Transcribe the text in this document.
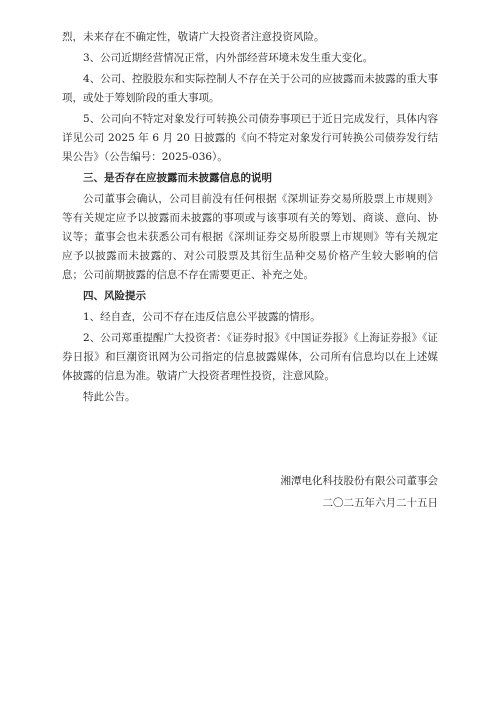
烈，未来存在不确定性，敬请广大投资者注意投资风险。

3、公司近期经营情况正常，内外部经营环境未发生重大变化。

4、公司、控股股东和实际控制人不存在关于公司的应披露而未披露的重大事项，或处于筹划阶段的重大事项。

5、公司向不特定对象发行可转换公司债券事项已于近日完成发行，具体内容详见公司 2025 年 6 月 20 日披露的《向不特定对象发行可转换公司债券发行结果公告》（公告编号：2025-036）。

三、是否存在应披露而未披露信息的说明

公司董事会确认，公司目前没有任何根据《深圳证券交易所股票上市规则》等有关规定应予以披露而未披露的事项或与该事项有关的筹划、商谈、意向、协议等；董事会也未获悉公司有根据《深圳证券交易所股票上市规则》等有关规定应予以披露而未披露的、对公司股票及其衍生品种交易价格产生较大影响的信息；公司前期披露的信息不存在需要更正、补充之处。

四、风险提示

1、经自查，公司不存在违反信息公平披露的情形。

2、公司郑重提醒广大投资者：《证券时报》《中国证券报》《上海证券报》《证券日报》和巨潮资讯网为公司指定的信息披露媒体，公司所有信息均以在上述媒体披露的信息为准。敬请广大投资者理性投资，注意风险。

特此公告。

湘潭电化科技股份有限公司董事会
二〇二五年六月二十五日
